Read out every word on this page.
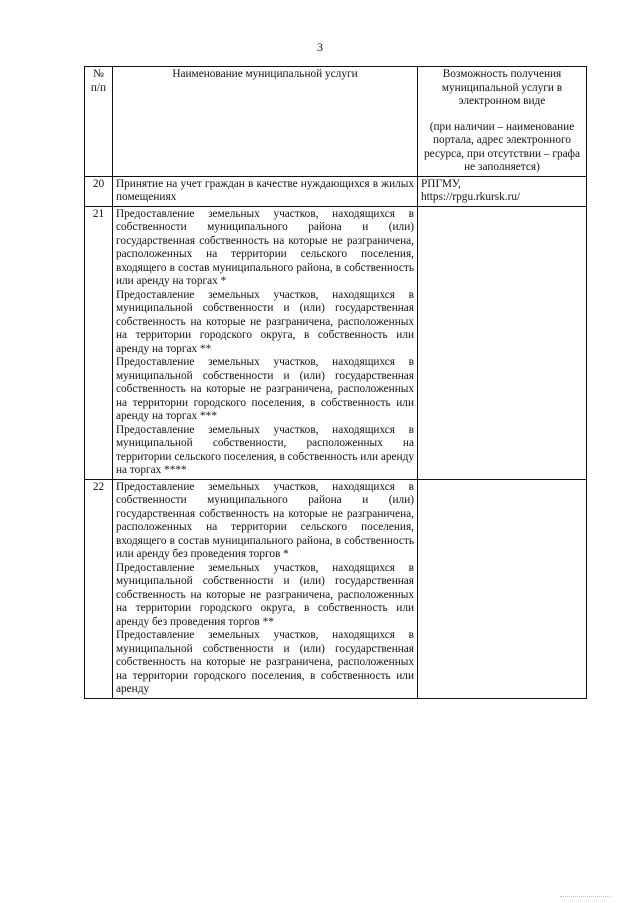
3
№ п/п	Наименование муниципальной услуги	Возможность получения муниципальной услуги в электронном виде
(при наличии – наименование портала, адрес электронного ресурса, при отсутствии – графа не заполняется)

20	Принятие на учет граждан в качестве нуждающихся в жилых помещениях	РПГМУ,
https://rpgu.rkursk.ru/

21	Предоставление земельных участков, находящихся в собственности муниципального района и (или) государственная собственность на которые не разграничена, расположенных на территории сельского поселения, входящего в состав муниципального района, в собственность или аренду на торгах *

Предоставление земельных участков, находящихся в муниципальной собственности и (или) государственная собственность на которые не разграничена, расположенных на территории городского округа, в собственность или аренду на торгах **

Предоставление земельных участков, находящихся в муниципальной собственности и (или) государственная собственность на которые не разграничена, расположенных на территории городского поселения, в собственность или аренду на торгах ***

Предоставление земельных участков, находящихся в муниципальной собственности, расположенных на территории сельского поселения, в собственность или аренду на торгах ****	

22	Предоставление земельных участков, находящихся в собственности муниципального района и (или) государственная собственность на которые не разграничена, расположенных на территории сельского поселения, входящего в состав муниципального района, в собственность или аренду без проведения торгов *

Предоставление земельных участков, находящихся в муниципальной собственности и (или) государственная собственность на которые не разграничена, расположенных на территории городского округа, в собственность или аренду без проведения торгов **

Предоставление земельных участков, находящихся в муниципальной собственности и (или) государственная собственность на которые не разграничена, расположенных на территории городского поселения, в собственность или аренду	
